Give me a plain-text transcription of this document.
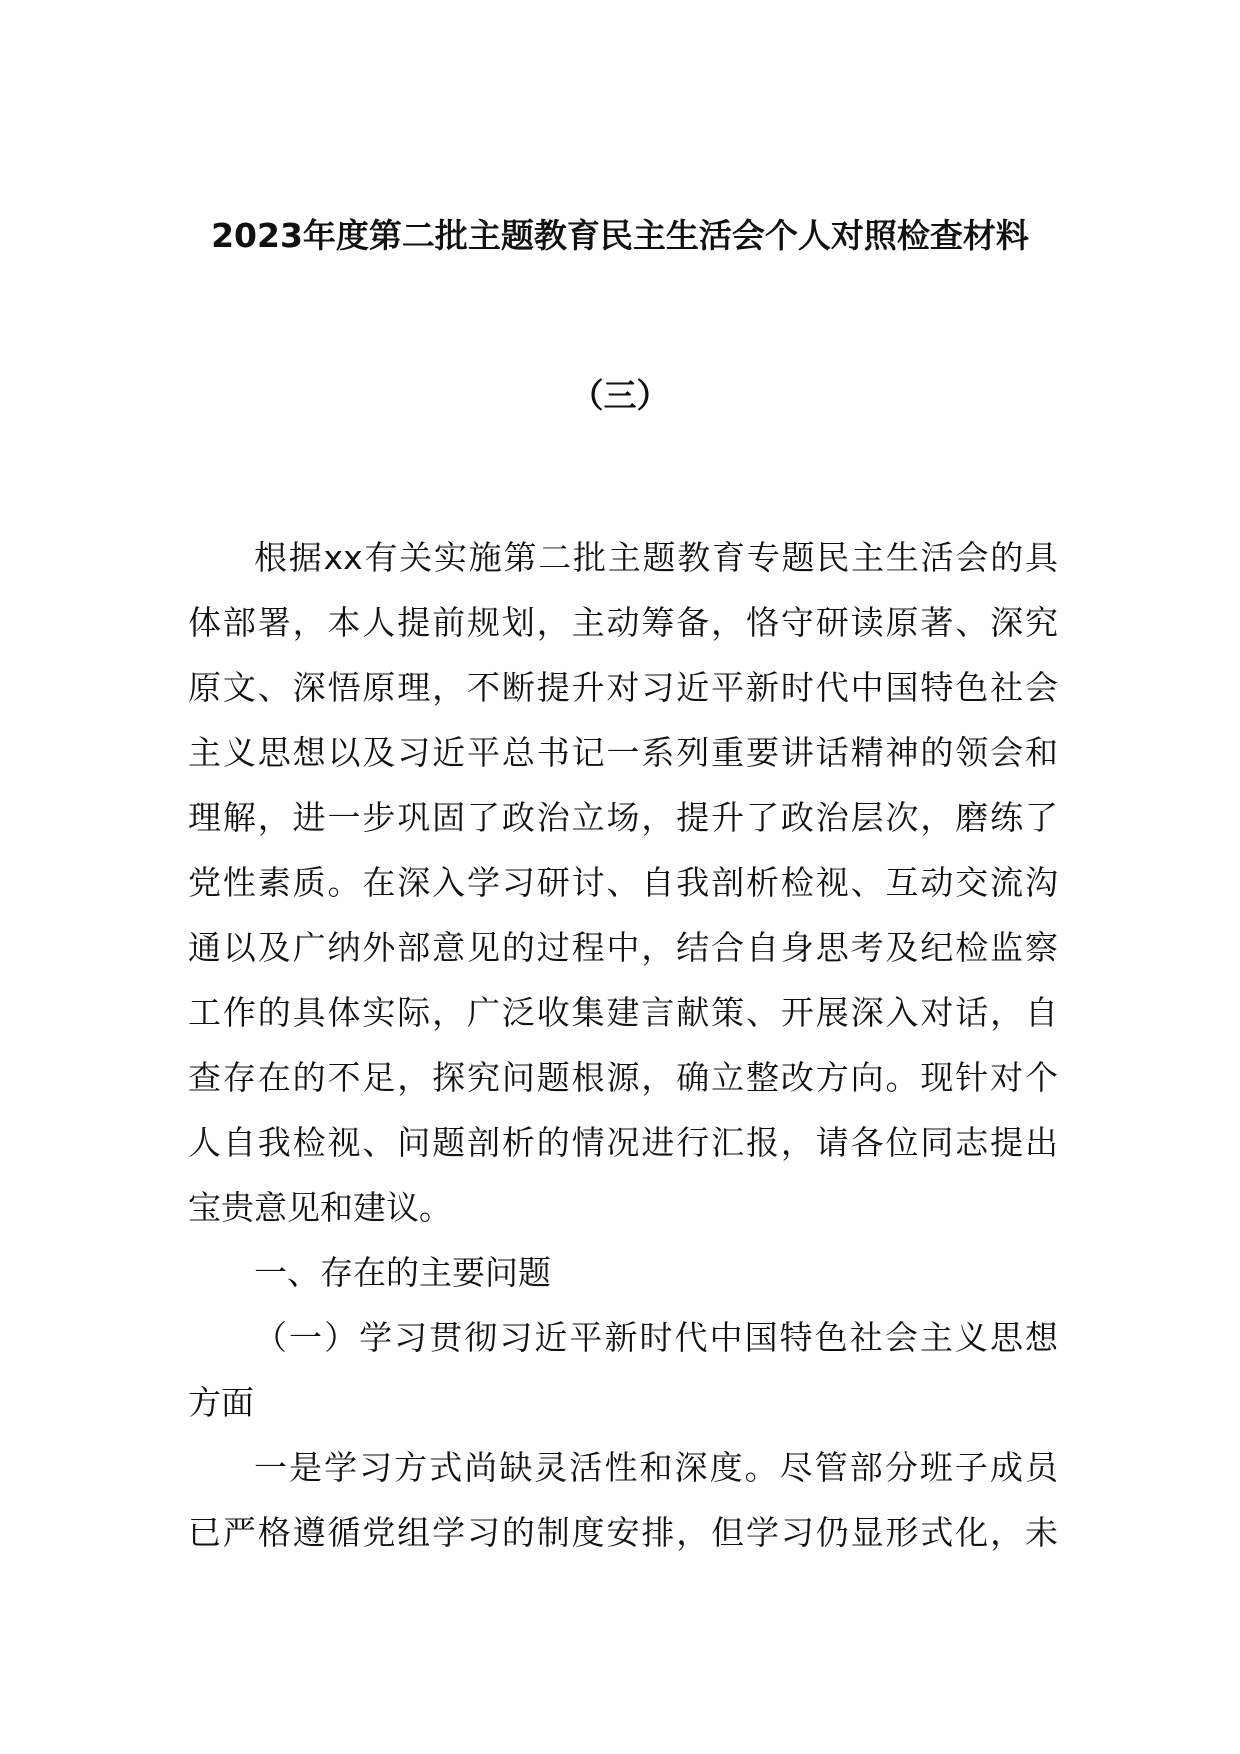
2023年度第二批主题教育民主生活会个人对照检查材料
（三）
根据xx有关实施第二批主题教育专题民主生活会的具
体部署，本人提前规划，主动筹备，恪守研读原著、深究
原文、深悟原理，不断提升对习近平新时代中国特色社会
主义思想以及习近平总书记一系列重要讲话精神的领会和
理解，进一步巩固了政治立场，提升了政治层次，磨练了
党性素质。在深入学习研讨、自我剖析检视、互动交流沟
通以及广纳外部意见的过程中，结合自身思考及纪检监察
工作的具体实际，广泛收集建言献策、开展深入对话，自
查存在的不足，探究问题根源，确立整改方向。现针对个
人自我检视、问题剖析的情况进行汇报，请各位同志提出
宝贵意见和建议。
一、存在的主要问题
（一）学习贯彻习近平新时代中国特色社会主义思想
方面
一是学习方式尚缺灵活性和深度。尽管部分班子成员
已严格遵循党组学习的制度安排，但学习仍显形式化，未
